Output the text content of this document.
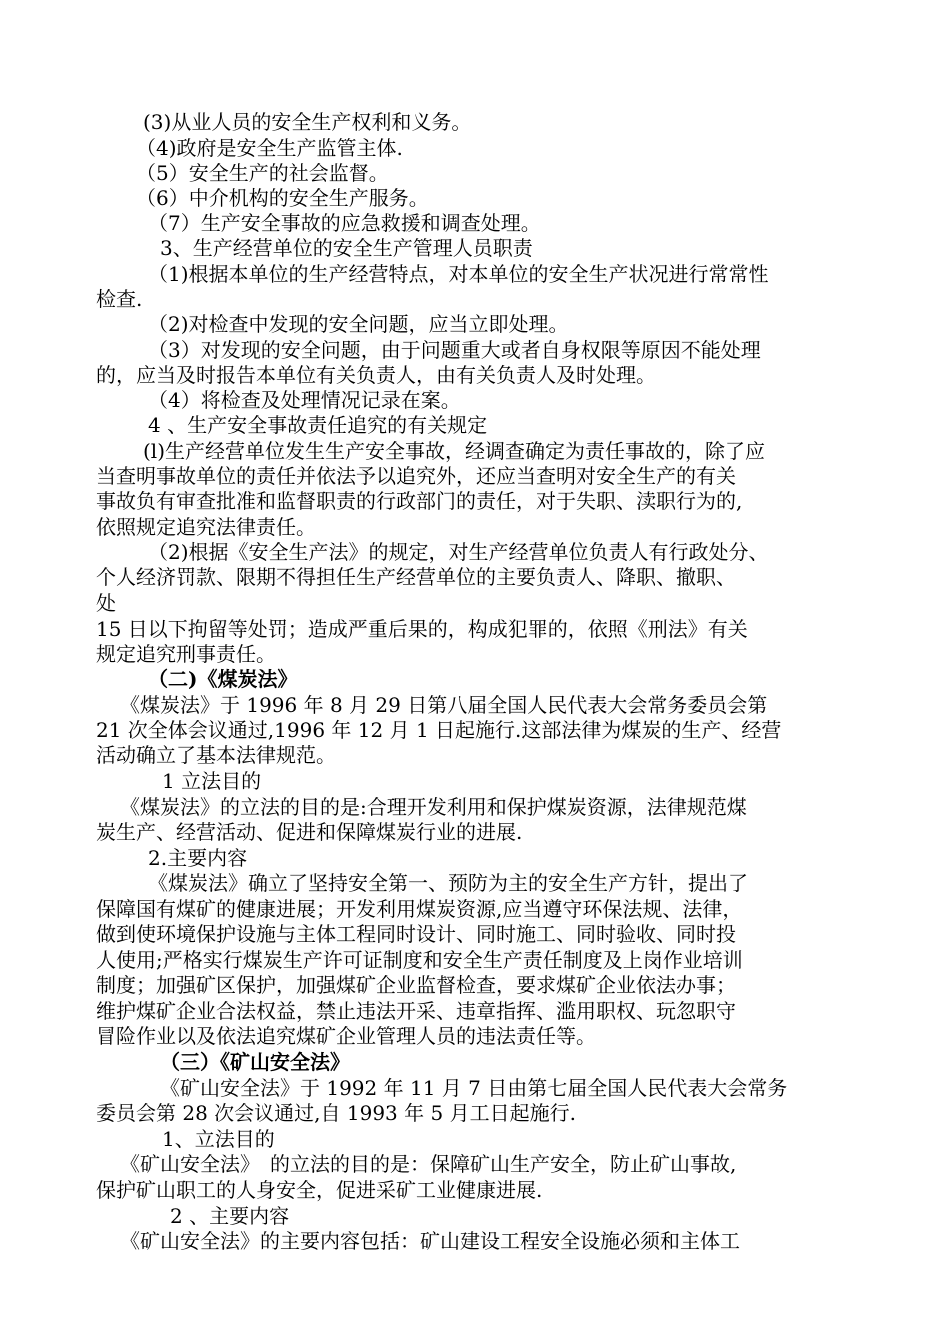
(3)从业人员的安全生产权利和义务。
（4)政府是安全生产监管主体.
（5）安全生产的社会监督。
（6）中介机构的安全生产服务。
（7）生产安全事故的应急救援和调查处理。
3、生产经营单位的安全生产管理人员职责
（1)根据本单位的生产经营特点，对本单位的安全生产状况进行常常性
检查.
（2)对检查中发现的安全问题，应当立即处理。
（3）对发现的安全问题，由于问题重大或者自身权限等原因不能处理
的，应当及时报告本单位有关负责人，由有关负责人及时处理。
（4）将检查及处理情况记录在案。
4 、生产安全事故责任追究的有关规定
(l)生产经营单位发生生产安全事故，经调查确定为责任事故的，除了应
当查明事故单位的责任并依法予以追究外，还应当查明对安全生产的有关
事故负有审查批准和监督职责的行政部门的责任，对于失职、渎职行为的,
依照规定追究法律责任。
（2)根据《安全生产法》的规定，对生产经营单位负责人有行政处分、
个人经济罚款、限期不得担任生产经营单位的主要负责人、降职、撤职、
处
15 日以下拘留等处罚；造成严重后果的，构成犯罪的，依照《刑法》有关
规定追究刑事责任。
（二)《煤炭法》
《煤炭法》于 1996 年 8 月 29 日第八届全国人民代表大会常务委员会第
21 次全体会议通过,1996 年 12 月 1 日起施行.这部法律为煤炭的生产、经营
活动确立了基本法律规范。
1 立法目的
《煤炭法》的立法的目的是:合理开发利用和保护煤炭资源，法律规范煤
炭生产、经营活动、促进和保障煤炭行业的进展.
2.主要内容
《煤炭法》确立了坚持安全第一、预防为主的安全生产方针，提出了
保障国有煤矿的健康进展；开发利用煤炭资源,应当遵守环保法规、法律，
做到使环境保护设施与主体工程同时设计、同时施工、同时验收、同时投
人使用;严格实行煤炭生产许可证制度和安全生产责任制度及上岗作业培训
制度；加强矿区保护，加强煤矿企业监督检查，要求煤矿企业依法办事；
维护煤矿企业合法权益，禁止违法开采、违章指挥、滥用职权、玩忽职守
冒险作业以及依法追究煤矿企业管理人员的违法责任等。
（三）《矿山安全法》
《矿山安全法》于 1992 年 11 月 7 日由第七届全国人民代表大会常务
委员会第 28 次会议通过,自 1993 年 5 月工日起施行.
1、立法目的
《矿山安全法》　的立法的目的是：保障矿山生产安全，防止矿山事故,
保护矿山职工的人身安全，促进采矿工业健康进展.
2 、主要内容
《矿山安全法》的主要内容包括：矿山建设工程安全设施必须和主体工
